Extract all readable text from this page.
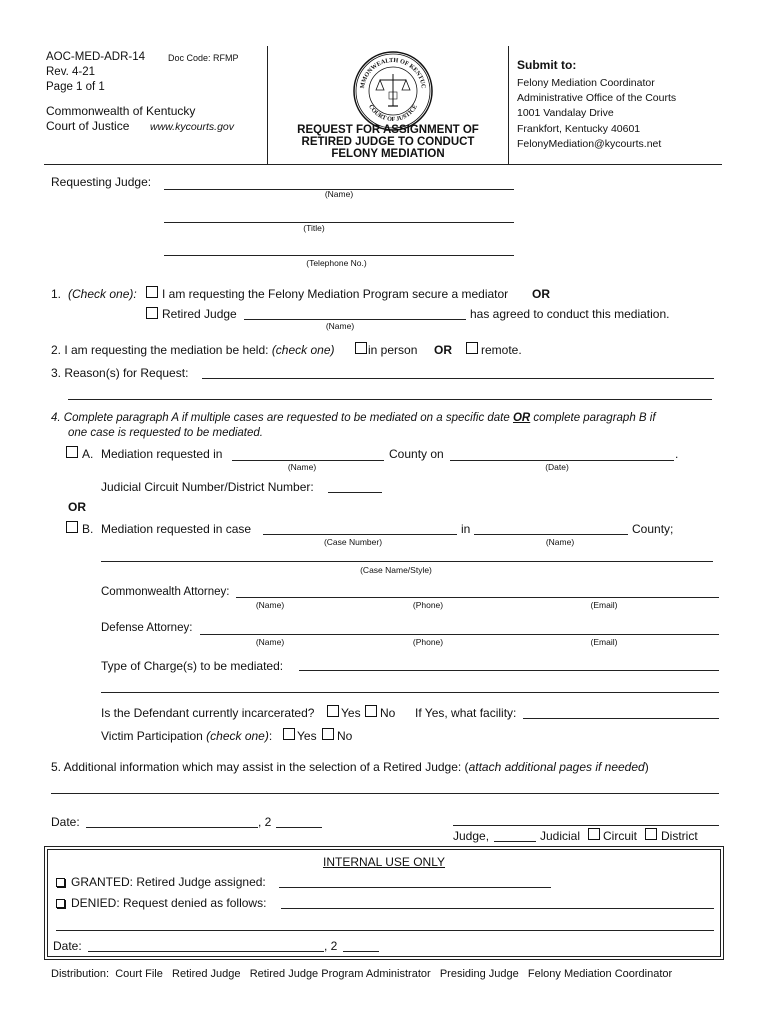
AOC-MED-ADR-14	Doc Code: RFMP
Rev. 4-21
Page 1 of 1
Commonwealth of Kentucky
Court of Justice www.kycourts.gov
MMONWEALTH OF KENTUC
COURT OF JUSTICE
REQUEST FOR ASSIGNMENT OF
RETIRED JUDGE TO CONDUCT
FELONY MEDIATION
Submit to:
Felony Mediation Coordinator
Administrative Office of the Courts
1001 Vandalay Drive
Frankfort, Kentucky 40601
FelonyMediation@kycourts.net
Requesting Judge:
(Name)
(Title)
(Telephone No.)
1. (Check one): I am requesting the Felony Mediation Program secure a mediator OR
Retired Judge
(Name)
has agreed to conduct this mediation.
2. I am requesting the mediation be held: (check one)	in person OR remote.
3. Reason(s) for Request:
4. Complete paragraph A if multiple cases are requested to be mediated on a specific date OR complete paragraph B if
one case is requested to be mediated.
A. Mediation requested in
(Name)
County on
(Date)
.
Judicial Circuit Number/District Number:
OR
B. Mediation requested in case
(Case Number)
in
(Name)
County;
(Case Name/Style)
Commonwealth Attorney:
(Name)	(Phone)	(Email)
Defense Attorney:
(Name)	(Phone)	(Email)
Type of Charge(s) to be mediated:
Is the Defendant currently incarcerated? Yes No If Yes, what facility:
Victim Participation (check one): Yes No
5. Additional information which may assist in the selection of a Retired Judge: (attach additional pages if needed)
Date:	, 2
Judge,	Judicial Circuit District
INTERNAL USE ONLY
GRANTED: Retired Judge assigned:
DENIED: Request denied as follows:
Date:	, 2
Distribution:  Court File   Retired Judge   Retired Judge Program Administrator   Presiding Judge   Felony Mediation Coordinator
